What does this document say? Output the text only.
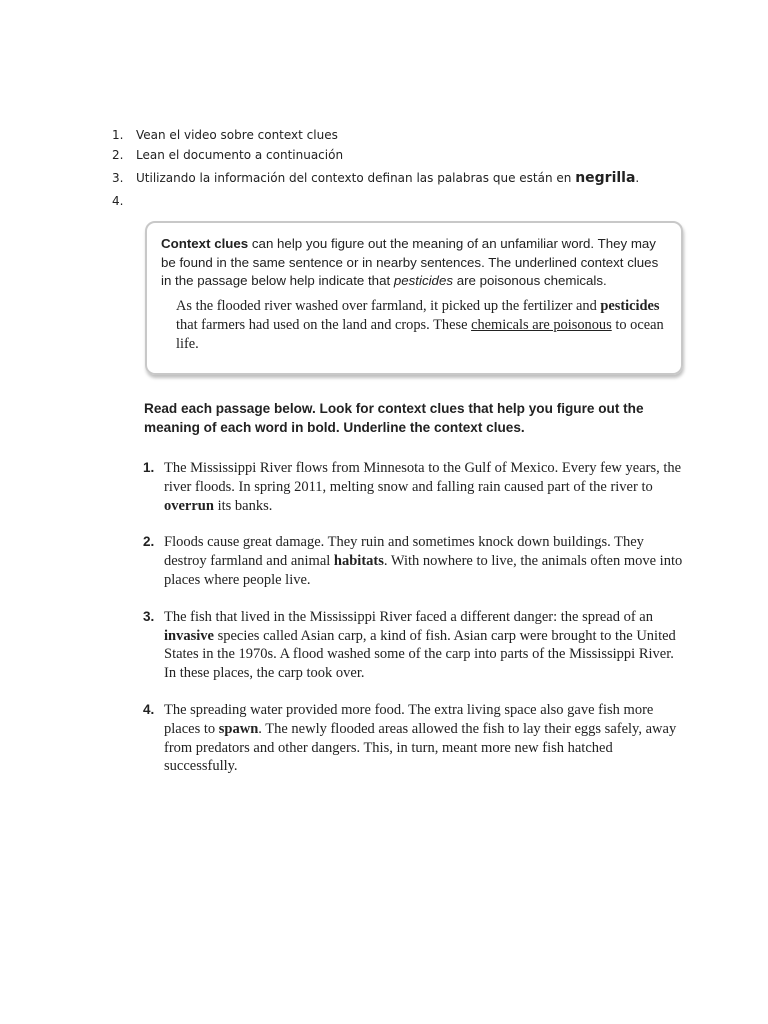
1.	Vean el video sobre context clues
2.	Lean el documento a continuación
3.	Utilizando la información del contexto definan las palabras que están en negrilla.
4.

Context clues can help you figure out the meaning of an unfamiliar word. They may be found in the same sentence or in nearby sentences. The underlined context clues in the passage below help indicate that pesticides are poisonous chemicals.

As the flooded river washed over farmland, it picked up the fertilizer and pesticides that farmers had used on the land and crops. These chemicals are poisonous to ocean life.

Read each passage below. Look for context clues that help you figure out the meaning of each word in bold. Underline the context clues.
1. The Mississippi River flows from Minnesota to the Gulf of Mexico. Every few years, the river floods. In spring 2011, melting snow and falling rain caused part of the river to overrun its banks.
2. Floods cause great damage. They ruin and sometimes knock down buildings. They destroy farmland and animal habitats. With nowhere to live, the animals often move into places where people live.
3. The fish that lived in the Mississippi River faced a different danger: the spread of an invasive species called Asian carp, a kind of fish. Asian carp were brought to the United States in the 1970s. A flood washed some of the carp into parts of the Mississippi River. In these places, the carp took over.
4. The spreading water provided more food. The extra living space also gave fish more places to spawn. The newly flooded areas allowed the fish to lay their eggs safely, away from predators and other dangers. This, in turn, meant more new fish hatched successfully.
